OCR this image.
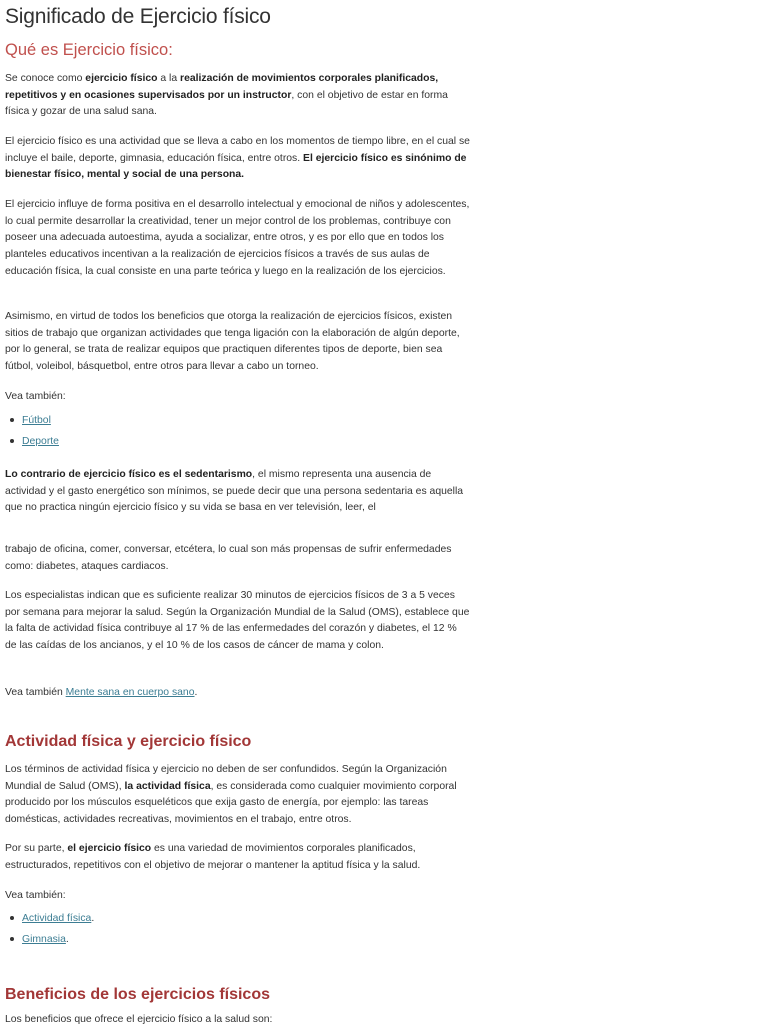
Significado de Ejercicio físico
Qué es Ejercicio físico:

Se conoce como ejercicio físico a la realización de movimientos corporales planificados, repetitivos y en ocasiones supervisados por un instructor, con el objetivo de estar en forma física y gozar de una salud sana.

El ejercicio físico es una actividad que se lleva a cabo en los momentos de tiempo libre, en el cual se incluye el baile, deporte, gimnasia, educación física, entre otros. El ejercicio físico es sinónimo de bienestar físico, mental y social de una persona.

El ejercicio influye de forma positiva en el desarrollo intelectual y emocional de niños y adolescentes, lo cual permite desarrollar la creatividad, tener un mejor control de los problemas, contribuye con poseer una adecuada autoestima, ayuda a socializar, entre otros, y es por ello que en todos los planteles educativos incentivan a la realización de ejercicios físicos a través de sus aulas de educación física, la cual consiste en una parte teórica y luego en la realización de los ejercicios.

Asimismo, en virtud de todos los beneficios que otorga la realización de ejercicios físicos, existen sitios de trabajo que organizan actividades que tenga ligación con la elaboración de algún deporte, por lo general, se trata de realizar equipos que practiquen diferentes tipos de deporte, bien sea fútbol, voleibol, básquetbol, entre otros para llevar a cabo un torneo.

Vea también:

Fútbol
Deporte

Lo contrario de ejercicio físico es el sedentarismo, el mismo representa una ausencia de actividad y el gasto energético son mínimos, se puede decir que una persona sedentaria es aquella que no practica ningún ejercicio físico y su vida se basa en ver televisión, leer, el

trabajo de oficina, comer, conversar, etcétera, lo cual son más propensas de sufrir enfermedades como: diabetes, ataques cardiacos.

Los especialistas indican que es suficiente realizar 30 minutos de ejercicios físicos de 3 a 5 veces por semana para mejorar la salud. Según la Organización Mundial de la Salud (OMS), establece que la falta de actividad física contribuye al 17 % de las enfermedades del corazón y diabetes, el 12 % de las caídas de los ancianos, y el 10 % de los casos de cáncer de mama y colon.

Vea también Mente sana en cuerpo sano.

Actividad física y ejercicio físico

Los términos de actividad física y ejercicio no deben de ser confundidos. Según la Organización Mundial de Salud (OMS), la actividad física, es considerada como cualquier movimiento corporal producido por los músculos esqueléticos que exija gasto de energía, por ejemplo: las tareas domésticas, actividades recreativas, movimientos en el trabajo, entre otros.

Por su parte, el ejercicio físico es una variedad de movimientos corporales planificados, estructurados, repetitivos con el objetivo de mejorar o mantener la aptitud física y la salud.

Vea también:

Actividad física.
Gimnasia.
Beneficios de los ejercicios físicos

Los beneficios que ofrece el ejercicio físico a la salud son:
